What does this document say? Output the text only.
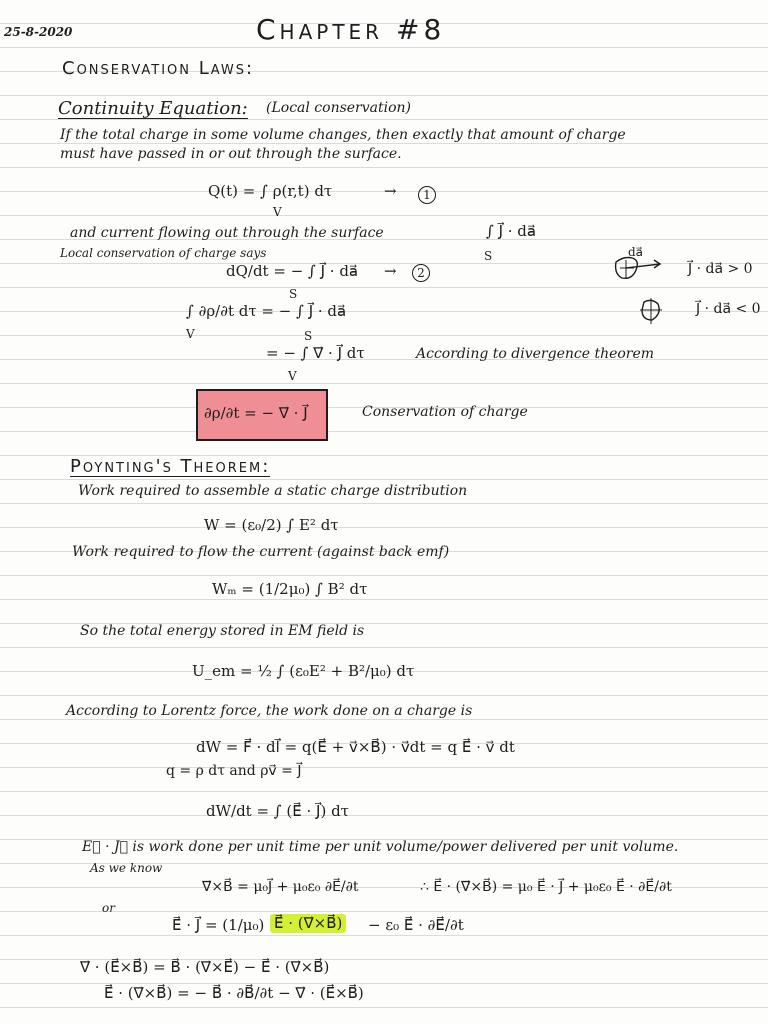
25-8-2020	Chapter #8
Conservation Laws:
Continuity Equation: (Local conservation)
If the total charge in some volume changes, then exactly that amount of charge
must have passed in or out through the surface.
Q(t) = ∫ ρ(r,t) dτ
V
→	1
and current flowing out through the surface	∫ J⃗ · da⃗
S
Local conservation of charge says
dQ/dt = − ∫ J⃗ · da⃗
S
→	2
da⃗
J⃗ · da⃗ > 0
J⃗ · da⃗ < 0
∫ ∂ρ/∂t dτ = − ∫ J⃗ · da⃗
V	S
= − ∫ ∇⃗ · J⃗ dτ
V
According to divergence theorem
∂ρ/∂t = − ∇⃗ · J⃗	Conservation of charge
Poynting's Theorem:
Work required to assemble a static charge distribution
W = (ε₀/2) ∫ E² dτ
Work required to flow the current (against back emf)
Wₘ = (1/2μ₀) ∫ B² dτ
So the total energy stored in EM field is
U_em = ½ ∫ (ε₀E² + B²/μ₀) dτ
According to Lorentz force, the work done on a charge is
dW = F⃗ · dl⃗ = q(E⃗ + v⃗×B⃗) · v⃗dt = q E⃗ · v⃗ dt
q = ρ dτ and ρv⃗ = J⃗
dW/dt = ∫ (E⃗ · J⃗) dτ
E⃗ · J⃗ is work done per unit time per unit volume/power delivered per unit volume.
As we know
∇⃗×B⃗ = μ₀J⃗ + μ₀ε₀ ∂E⃗/∂t	∴ E⃗ · (∇⃗×B⃗) = μ₀ E⃗ · J⃗ + μ₀ε₀ E⃗ · ∂E⃗/∂t
or
E⃗ · J⃗ = (1/μ₀) E⃗ · (∇⃗×B⃗) − ε₀ E⃗ · ∂E⃗/∂t
∇⃗ · (E⃗×B⃗) = B⃗ · (∇⃗×E⃗) − E⃗ · (∇⃗×B⃗)
E⃗ · (∇⃗×B⃗) = − B⃗ · ∂B⃗/∂t − ∇⃗ · (E⃗×B⃗)
